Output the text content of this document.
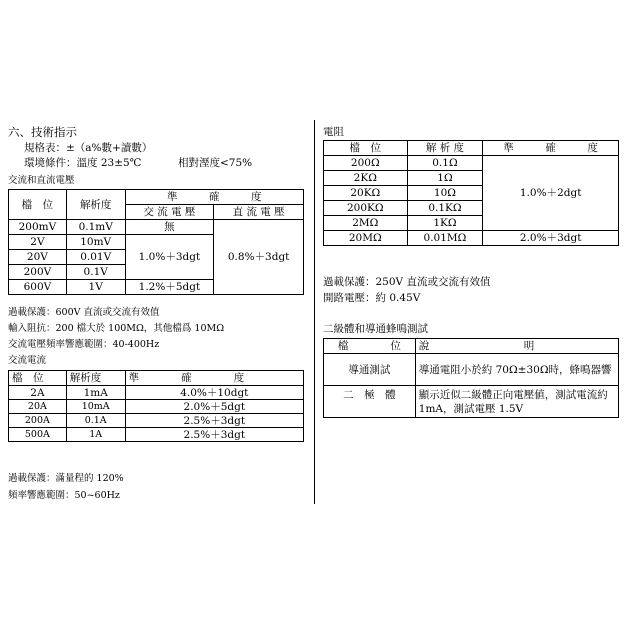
六、技術指示
規格表：±（a%數+讀數）
環境條件：溫度 23±5℃	相對溼度<75%
交流和直流電壓
檔　位	解析度	準　　　確　　　度	
		交 流 電 壓	直 流 電 壓
200mV	0.1mV	無	0.8%＋3dgt
2V	10mV	1.0%＋3dgt	
20V	0.01V		
200V	0.1V		
600V	1V	1.2%＋5dgt	
過載保護：600V 直流或交流有效值
輸入阻抗：200 檔大於 100MΩ，其他檔爲 10MΩ
交流電壓頻率響應範圍：40-400Hz
交流電流
檔　位	解析度	準　　　　確　　　　度
2A	1mA	4.0%＋10dgt
20A	10mA	2.0%＋5dgt
200A	0.1A	2.5%＋3dgt
500A	1A	2.5%＋3dgt
過載保護：滿量程的 120%
頻率響應範圍：50~60Hz
電阻
檔　位	解 析 度	準　　　確　　　度
200Ω	0.1Ω	1.0%＋2dgt
2KΩ	1Ω	
20KΩ	10Ω	
200KΩ	0.1KΩ	
2MΩ	1KΩ	
20MΩ	0.01MΩ	2.0%＋3dgt
過載保護：250V 直流或交流有效值
開路電壓：約 0.45V
二級體和導通蜂鳴測試
檔　　　　位	說　　　　　　　　　明
導通測試	導通電阻小於約 70Ω±30Ω時，蜂鳴器響
二　極　體	顯示近似二級體正向電壓値，測試電流約 1mA，測試電壓 1.5V
